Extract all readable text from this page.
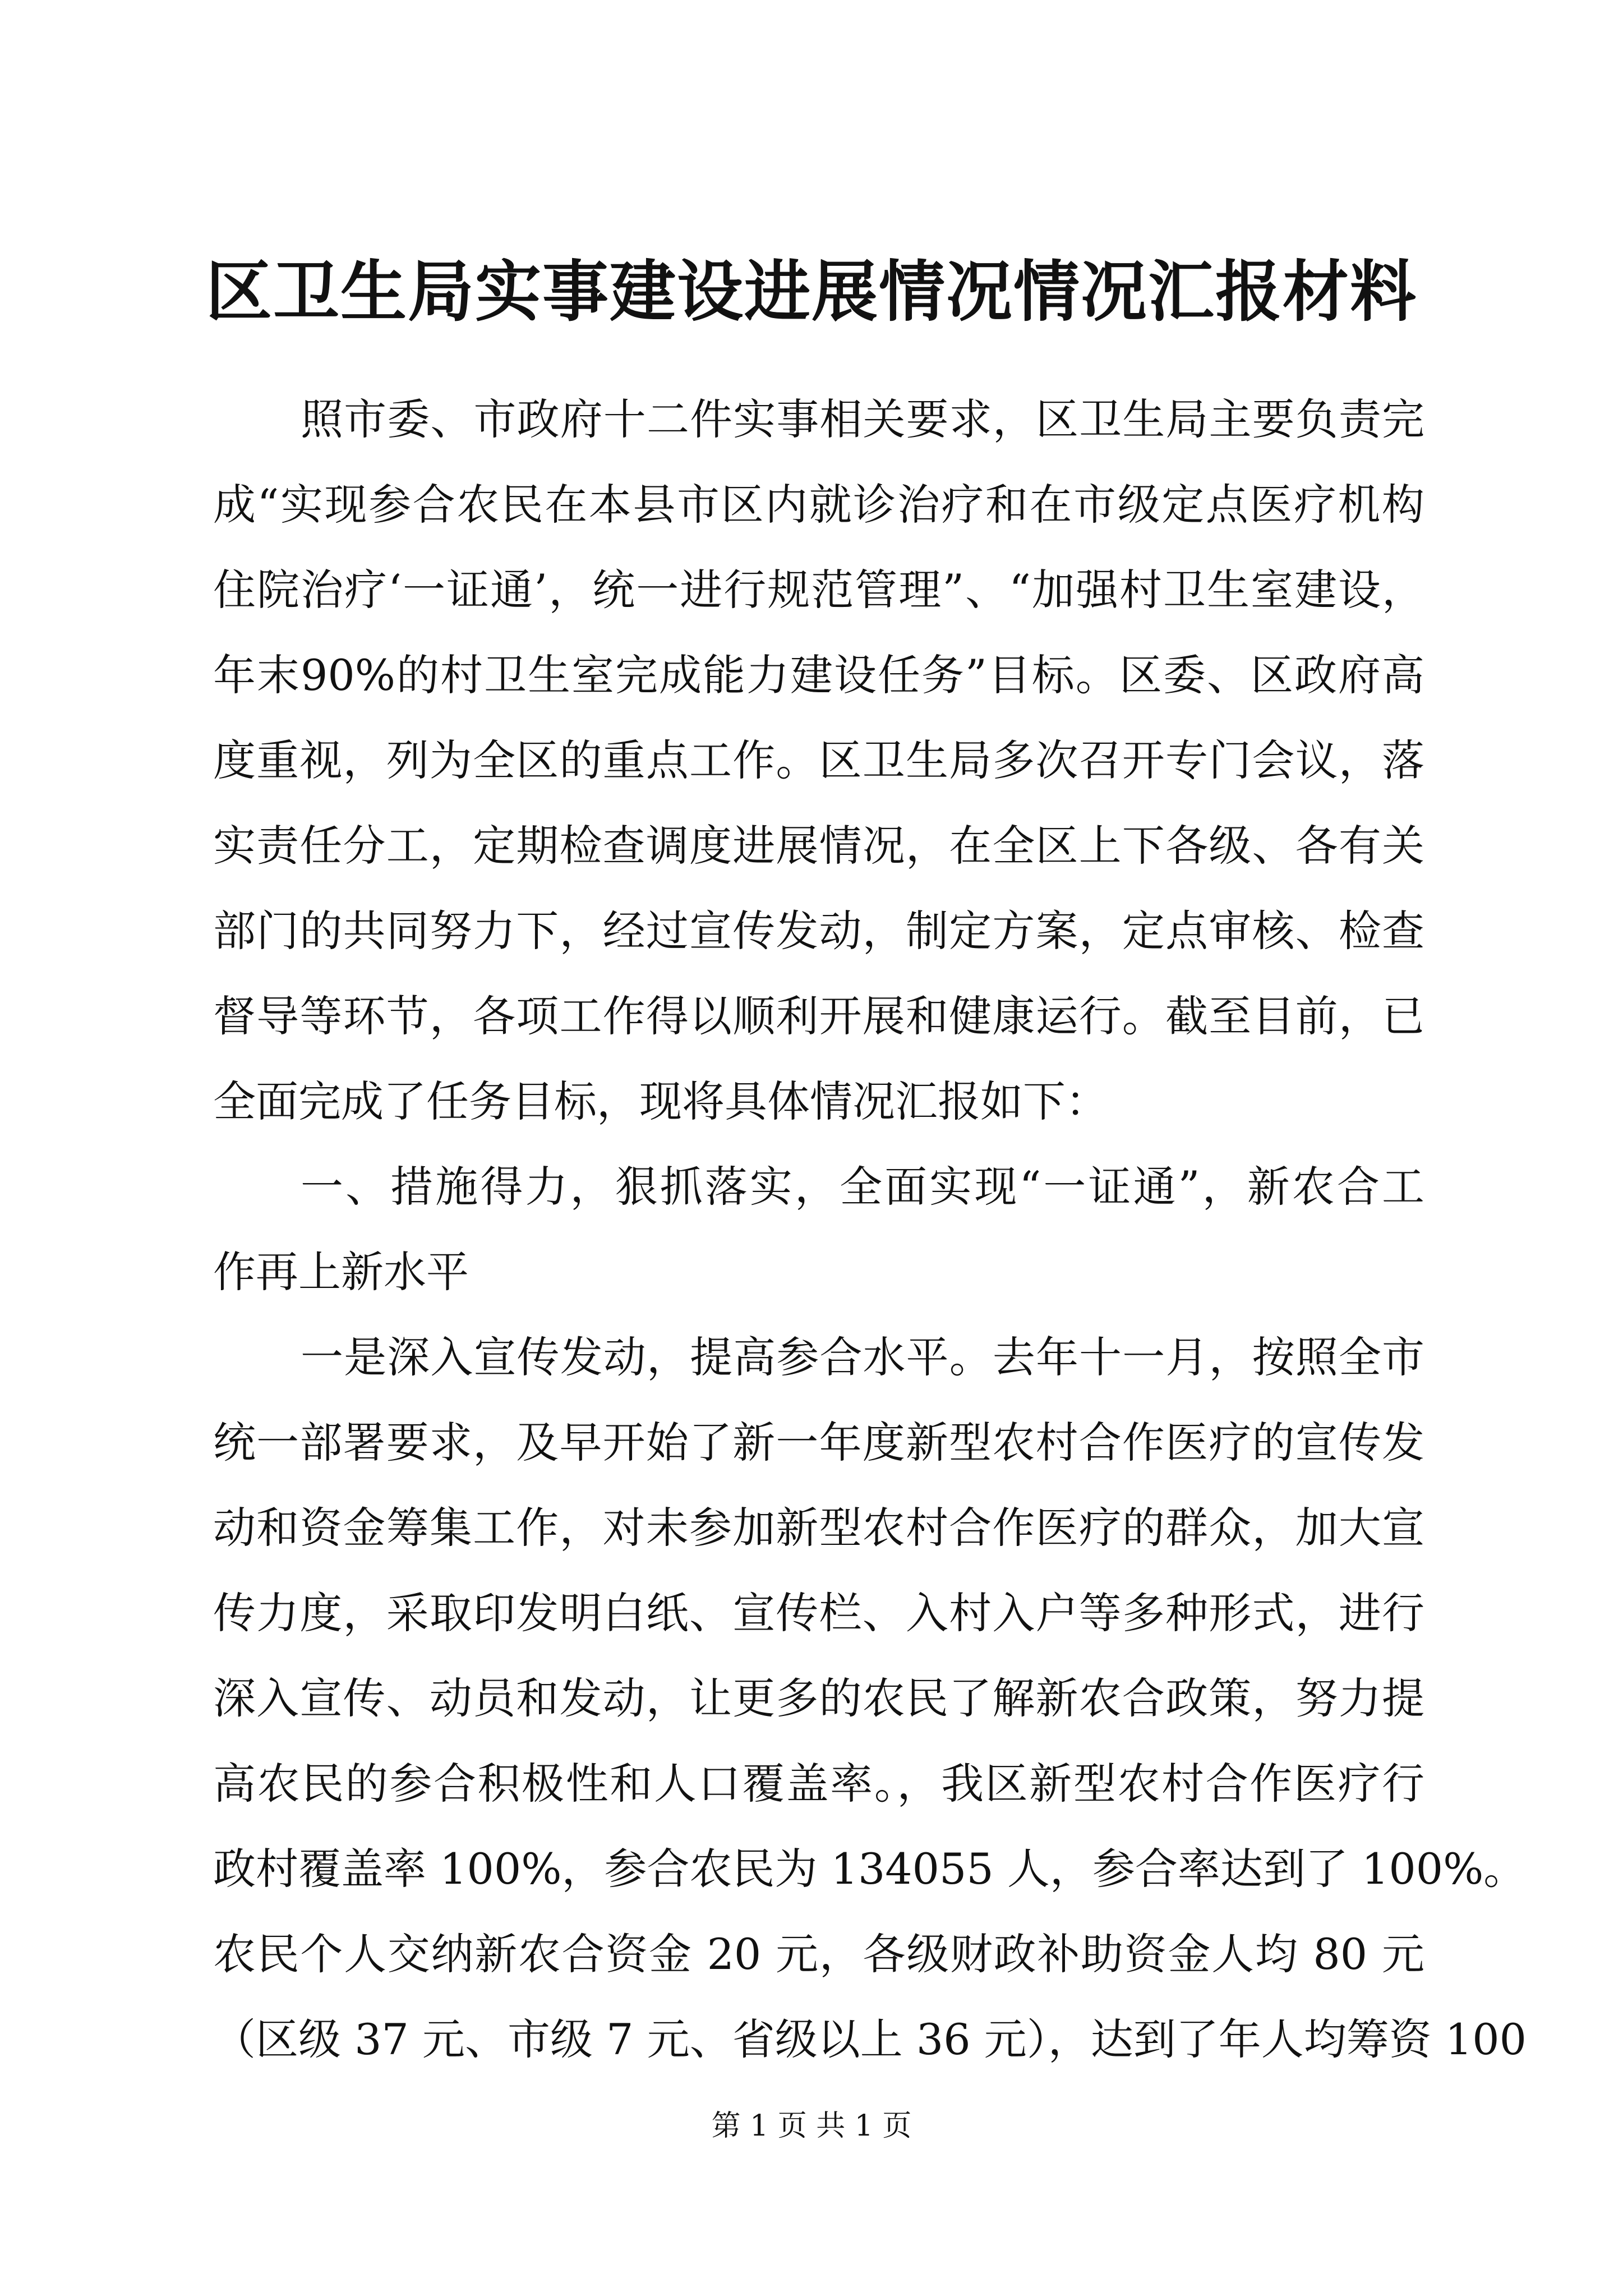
区卫生局实事建设进展情况情况汇报材料
照市委、市政府十二件实事相关要求，区卫生局主要负责完
成“实现参合农民在本县市区内就诊治疗和在市级定点医疗机构
住院治疗‘一证通’，统一进行规范管理”、“加强村卫生室建设，
年末90%的村卫生室完成能力建设任务”目标。区委、区政府高
度重视，列为全区的重点工作。区卫生局多次召开专门会议，落
实责任分工，定期检查调度进展情况，在全区上下各级、各有关
部门的共同努力下，经过宣传发动，制定方案，定点审核、检查
督导等环节，各项工作得以顺利开展和健康运行。截至目前，已
全面完成了任务目标，现将具体情况汇报如下：
一、措施得力，狠抓落实，全面实现“一证通”，新农合工
作再上新水平
一是深入宣传发动，提高参合水平。去年十一月，按照全市
统一部署要求，及早开始了新一年度新型农村合作医疗的宣传发
动和资金筹集工作，对未参加新型农村合作医疗的群众，加大宣
传力度，采取印发明白纸、宣传栏、入村入户等多种形式，进行
深入宣传、动员和发动，让更多的农民了解新农合政策，努力提
高农民的参合积极性和人口覆盖率。，我区新型农村合作医疗行
政村覆盖率 100%，参合农民为 134055 人，参合率达到了 100%。
农民个人交纳新农合资金 20 元，各级财政补助资金人均 80 元
（区级 37 元、市级 7 元、省级以上 36 元），达到了年人均筹资 100
第 1 页 共 1 页
